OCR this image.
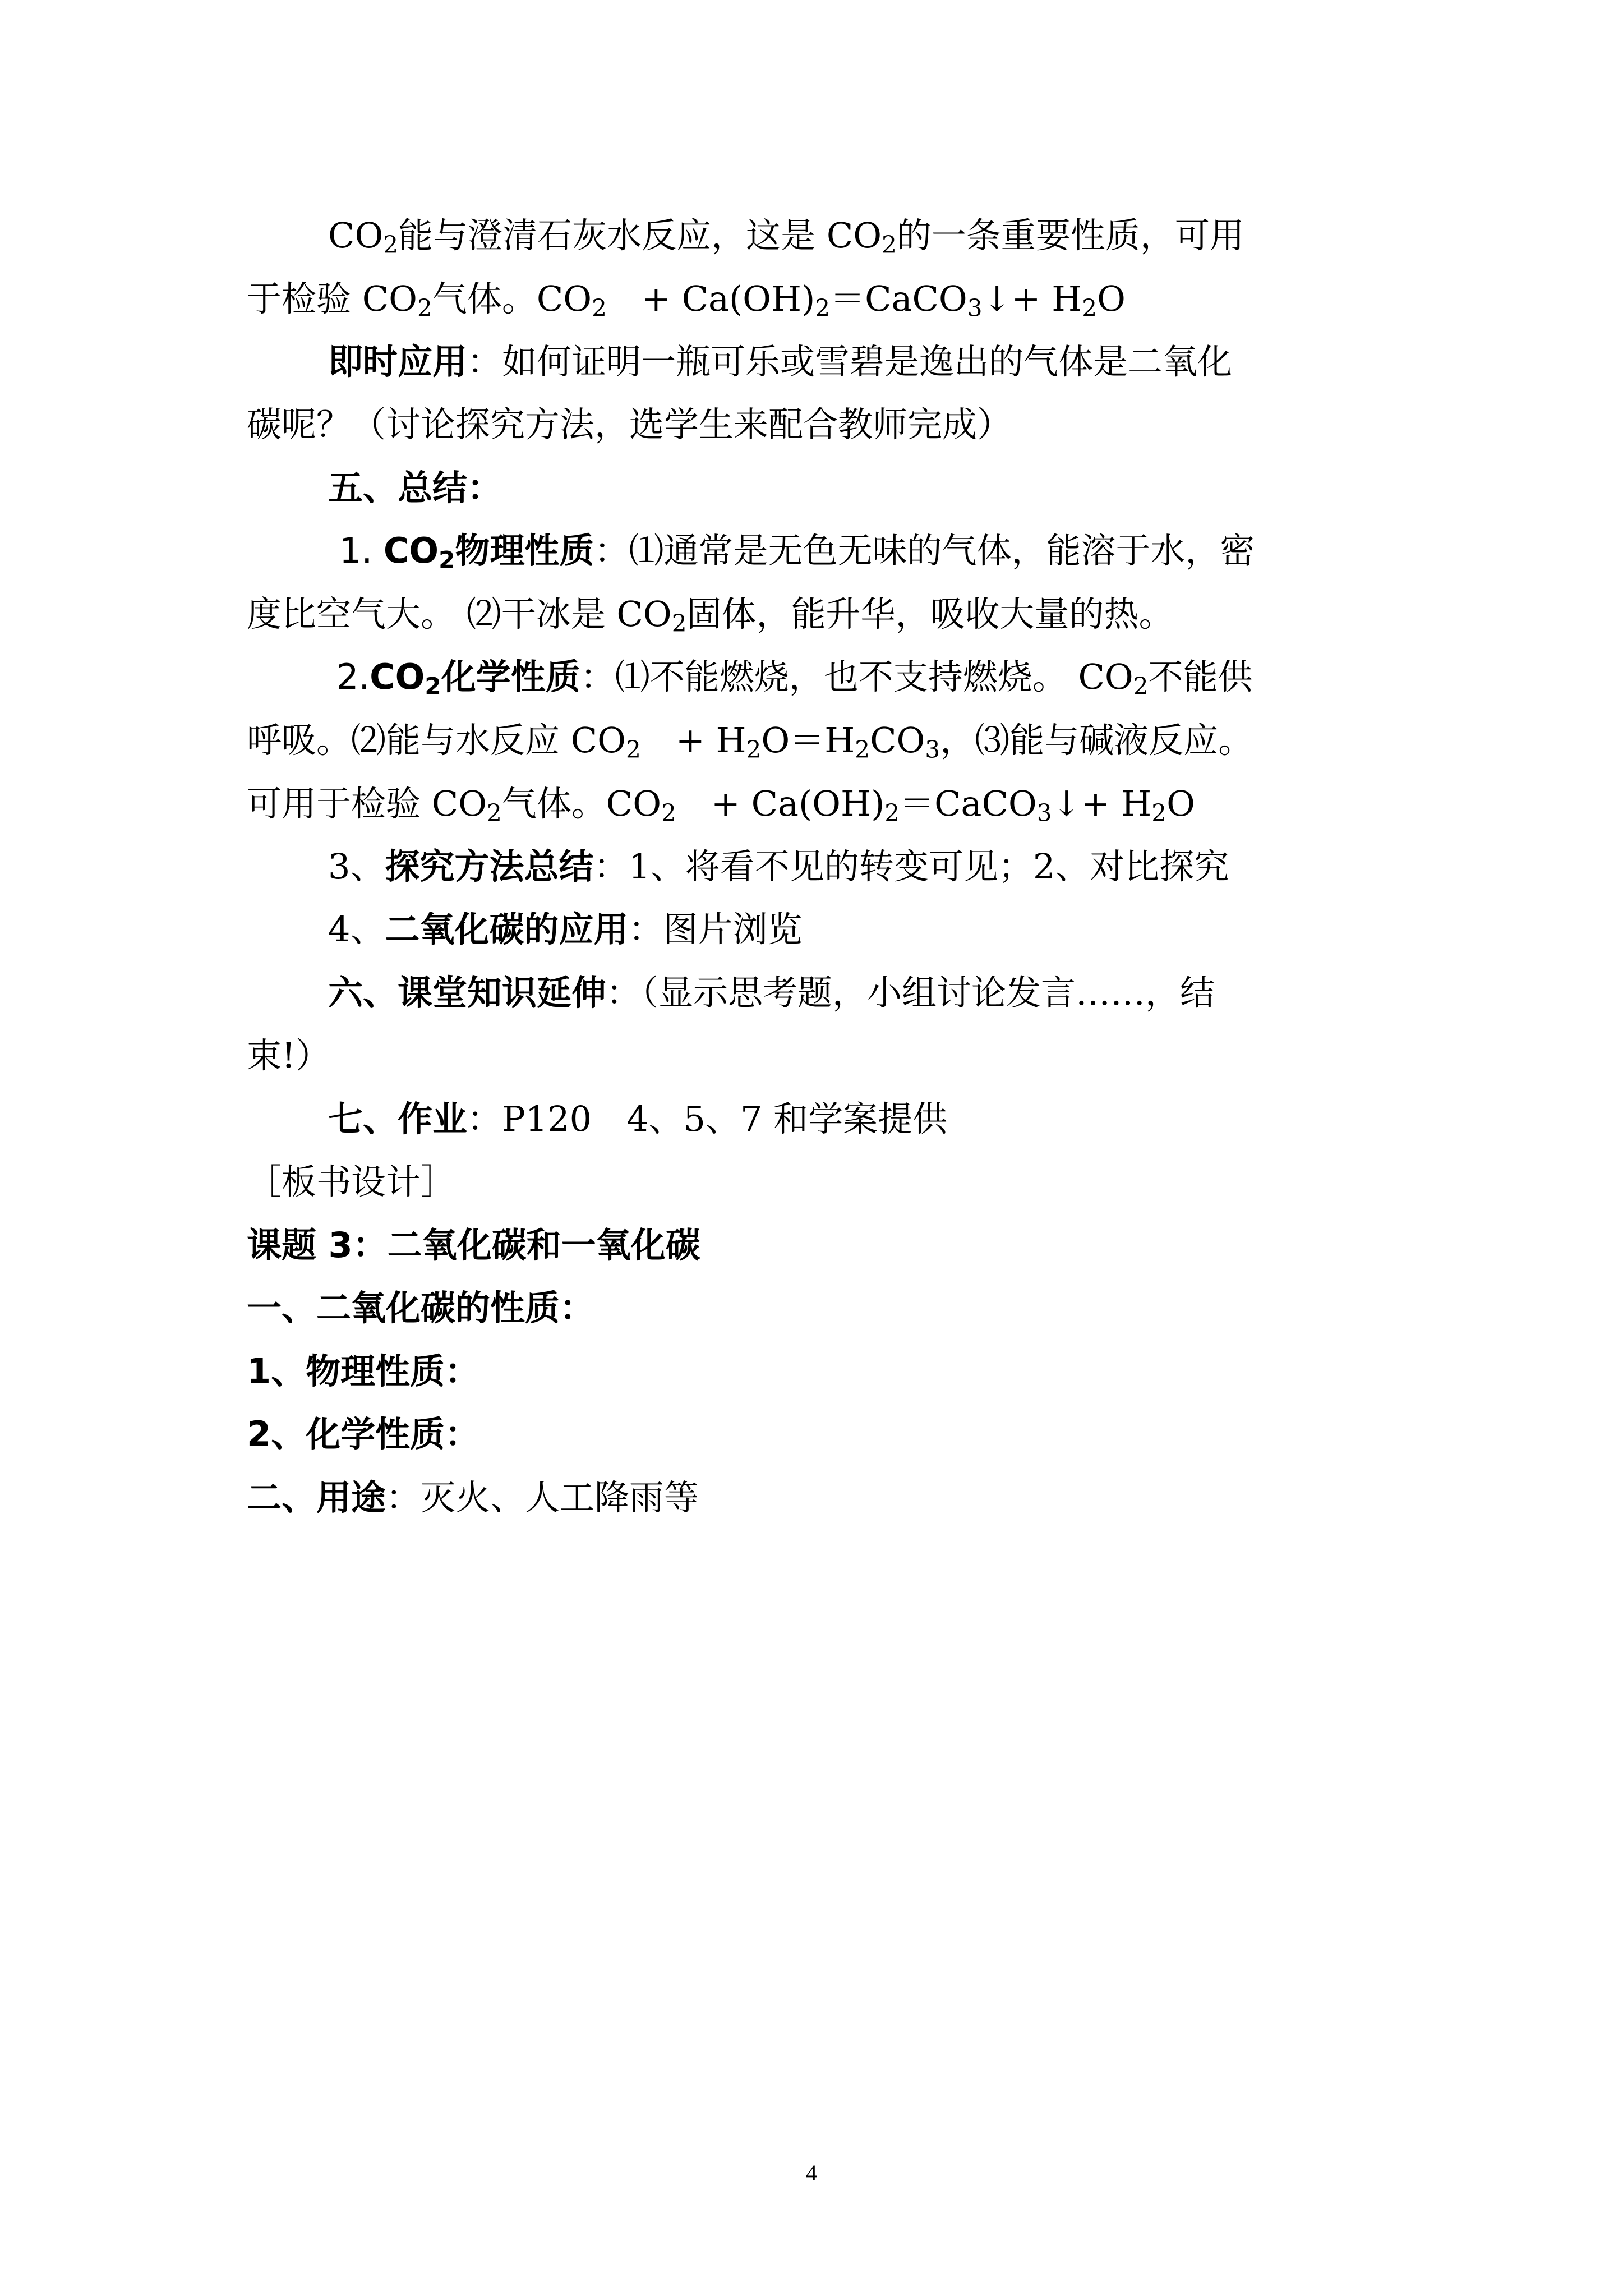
$CO_2$能与澄清石灰水反应，这是 $CO_2$的一条重要性质，可用
于检验 $CO_2$气体。$CO_2$　+ $Ca(OH)_2=CaCO_3↓+ H_2O$
即时应用：如何证明一瓶可乐或雪碧是逸出的气体是二氧化
碳呢？（讨论探究方法，选学生来配合教师完成）
五、总结：
1. $CO_2$物理性质：⑴通常是无色无味的气体，能溶于水，密
度比空气大。 ⑵干冰是 $CO_2$固体，能升华，吸收大量的热。
$2.CO_2$化学性质：⑴不能燃烧，也不支持燃烧。 $CO_2$不能供
呼吸。⑵能与水反应 $CO_2$　+ $H_2O=H_2CO_3$，⑶能与碱液反应。
可用于检验 $CO_2$气体。$CO_2$　+ $Ca(OH)_2=CaCO_3↓+ H_2O$
3、探究方法总结：1、将看不见的转变可见；2、对比探究
4、二氧化碳的应用：图片浏览
六、课堂知识延伸：（显示思考题，小组讨论发言……，结
束!）
七、作业：P120　4、5、7 和学案提供
［板书设计］
课题 3：二氧化碳和一氧化碳
一、二氧化碳的性质：
1、物理性质：
2、化学性质：
二、用途：灭火、人工降雨等
4
